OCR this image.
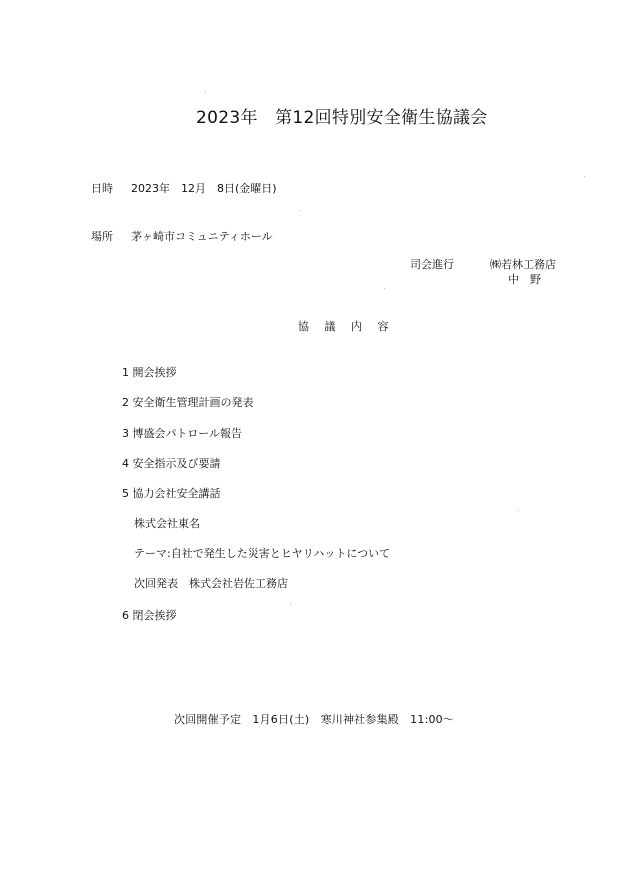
2023年　第12回特別安全衛生協議会
日時 2023年　12月　8日(金曜日)
場所 茅ヶ崎市コミュニティホール
司会進行	㈱若林工務店
中　野
協 議 内 容
1 開会挨拶
2 安全衛生管理計画の発表
3 博盛会パトロール報告
4 安全指示及び要請
5 協力会社安全講話
株式会社東名
テーマ:自社で発生した災害とヒヤリハットについて
次回発表　株式会社岩佐工務店
6 閉会挨拶
次回開催予定　1月6日(土)　寒川神社参集殿　11:00～
